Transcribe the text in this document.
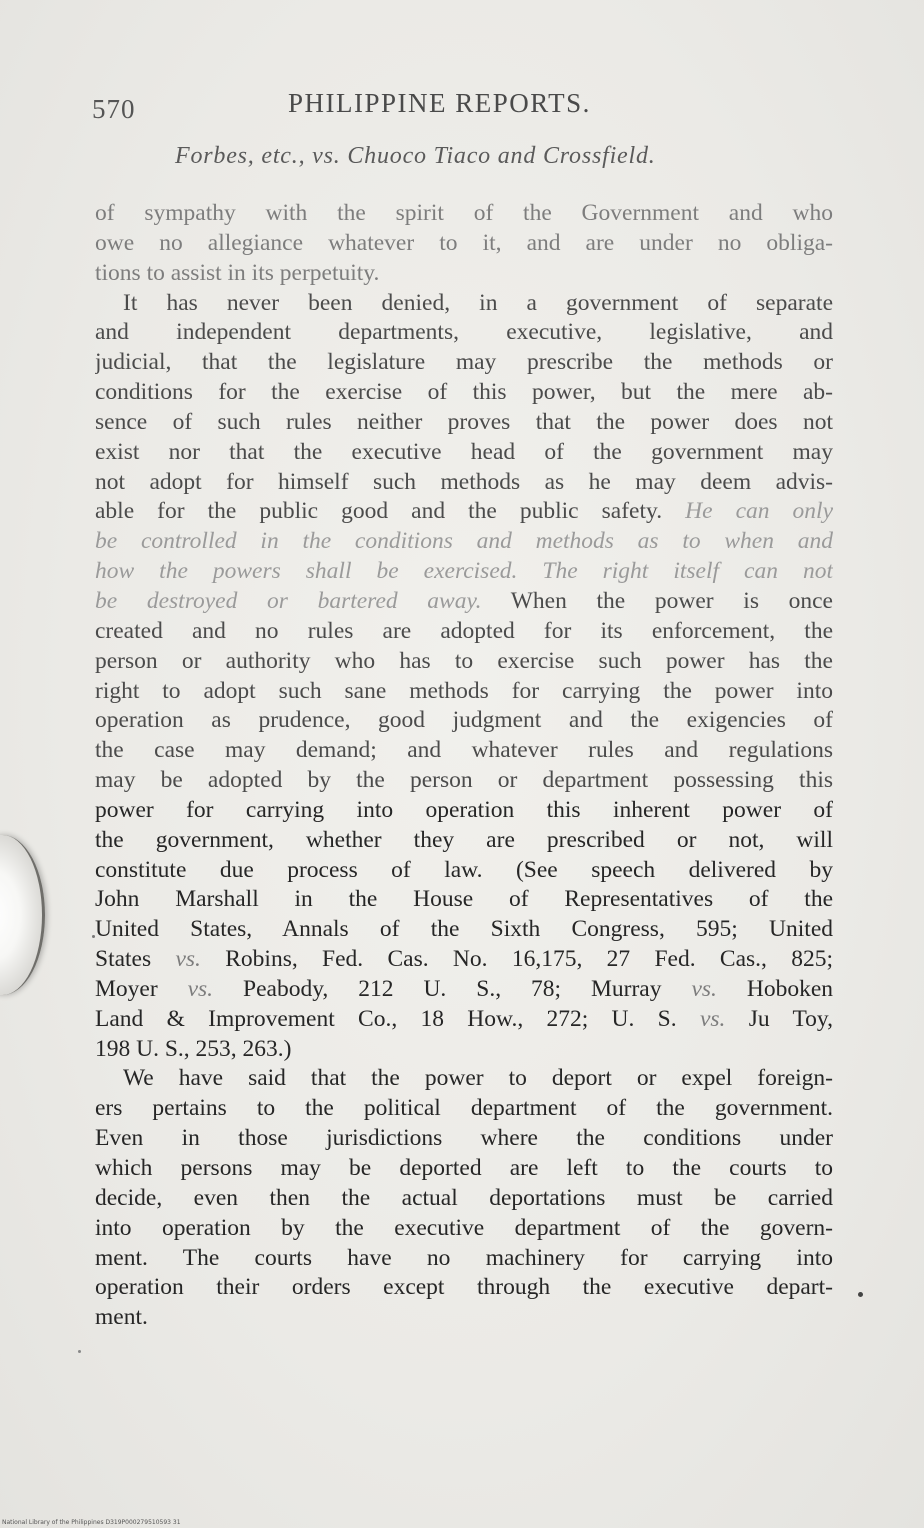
570	PHILIPPINE REPORTS.
Forbes, etc., vs. Chuoco Tiaco and Crossfield.
of sympathy with the spirit of the Government and who
owe no allegiance whatever to it, and are under no obliga-
tions to assist in its perpetuity.
It has never been denied, in a government of separate
and independent departments, executive, legislative, and
judicial, that the legislature may prescribe the methods or
conditions for the exercise of this power, but the mere ab-
sence of such rules neither proves that the power does not
exist nor that the executive head of the government may
not adopt for himself such methods as he may deem advis-
able for the public good and the public safety. He can only
be controlled in the conditions and methods as to when and
how the powers shall be exercised. The right itself can not
be destroyed or bartered away. When the power is once
created and no rules are adopted for its enforcement, the
person or authority who has to exercise such power has the
right to adopt such sane methods for carrying the power into
operation as prudence, good judgment and the exigencies of
the case may demand; and whatever rules and regulations
may be adopted by the person or department possessing this
power for carrying into operation this inherent power of
the government, whether they are prescribed or not, will
constitute due process of law. (See speech delivered by
John Marshall in the House of Representatives of the
United States, Annals of the Sixth Congress, 595; United
States vs. Robins, Fed. Cas. No. 16,175, 27 Fed. Cas., 825;
Moyer vs. Peabody, 212 U. S., 78; Murray vs. Hoboken
Land & Improvement Co., 18 How., 272; U. S. vs. Ju Toy,
198 U. S., 253, 263.)
We have said that the power to deport or expel foreign-
ers pertains to the political department of the government.
Even in those jurisdictions where the conditions under
which persons may be deported are left to the courts to
decide, even then the actual deportations must be carried
into operation by the executive department of the govern-
ment. The courts have no machinery for carrying into
operation their orders except through the executive depart-
ment.
National Library of the Philippines D319P000279510593 31
